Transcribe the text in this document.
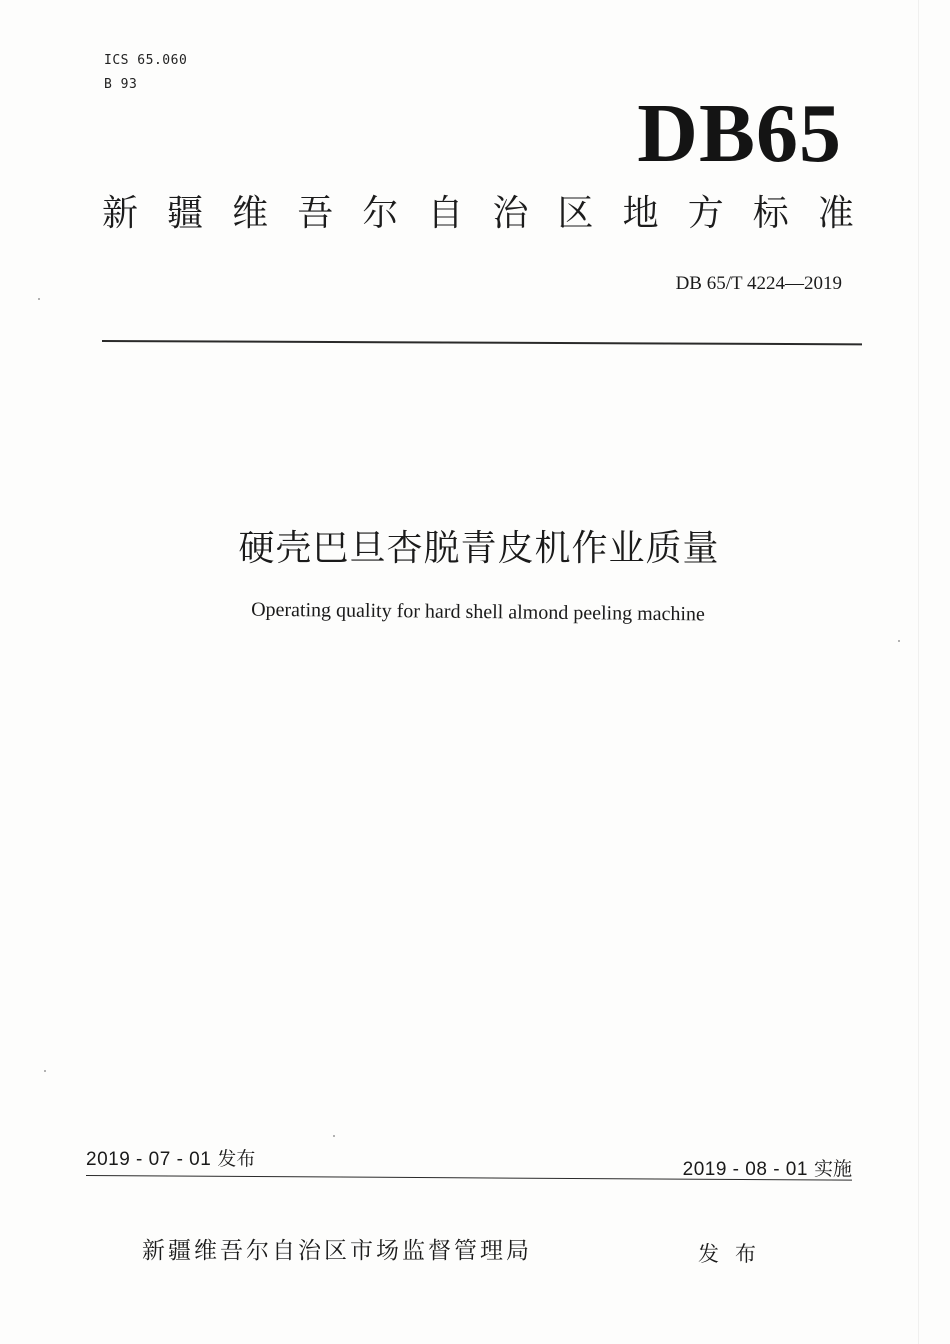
ICS 65.060
B 93
DB65
新 疆 维 吾 尔 自 治 区 地 方 标 准
DB 65/T 4224—2019
硬壳巴旦杏脱青皮机作业质量
Operating quality for hard shell almond peeling machine
2019 - 07 - 01 发布	2019 - 08 - 01 实施
新疆维吾尔自治区市场监督管理局	发布
